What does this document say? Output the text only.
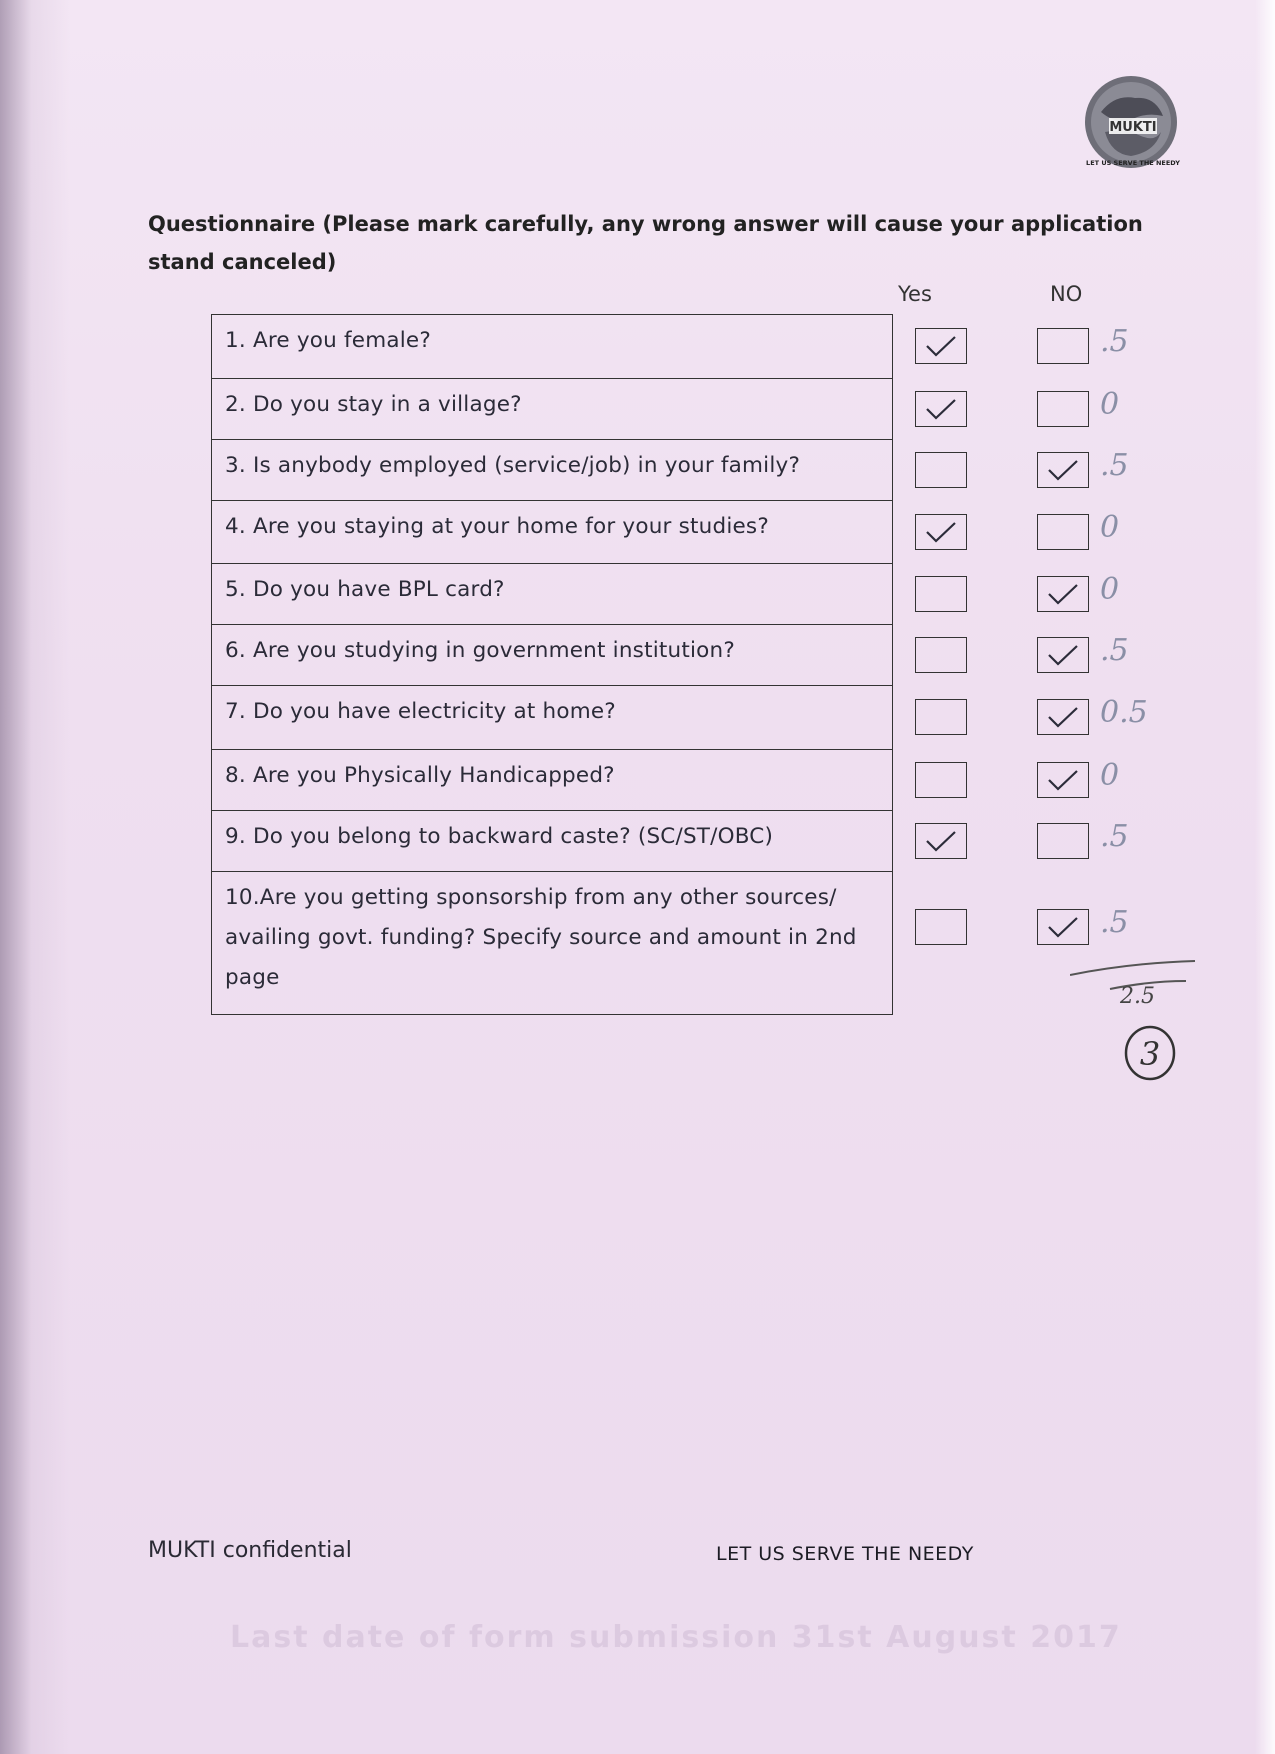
MUKTI
LET US SERVE THE NEEDY
Questionnaire (Please mark carefully, any wrong answer will cause your application stand canceled)
Yes	NO
1. Are you female?
2. Do you stay in a village?
3. Is anybody employed (service/job) in your family?
4. Are you staying at your home for your studies?
5. Do you have BPL card?
6. Are you studying in government institution?
7. Do you have electricity at home?
8. Are you Physically Handicapped?
9. Do you belong to backward caste? (SC/ST/OBC)
10.Are you getting sponsorship from any other sources/ availing govt. funding? Specify source and amount in 2nd page
.5
0
.5
0
0
.5
0.5
0
.5
.5
2.5
3
Last date of form submission 31st August 2017
MUKTI confidential	LET US SERVE THE NEEDY
